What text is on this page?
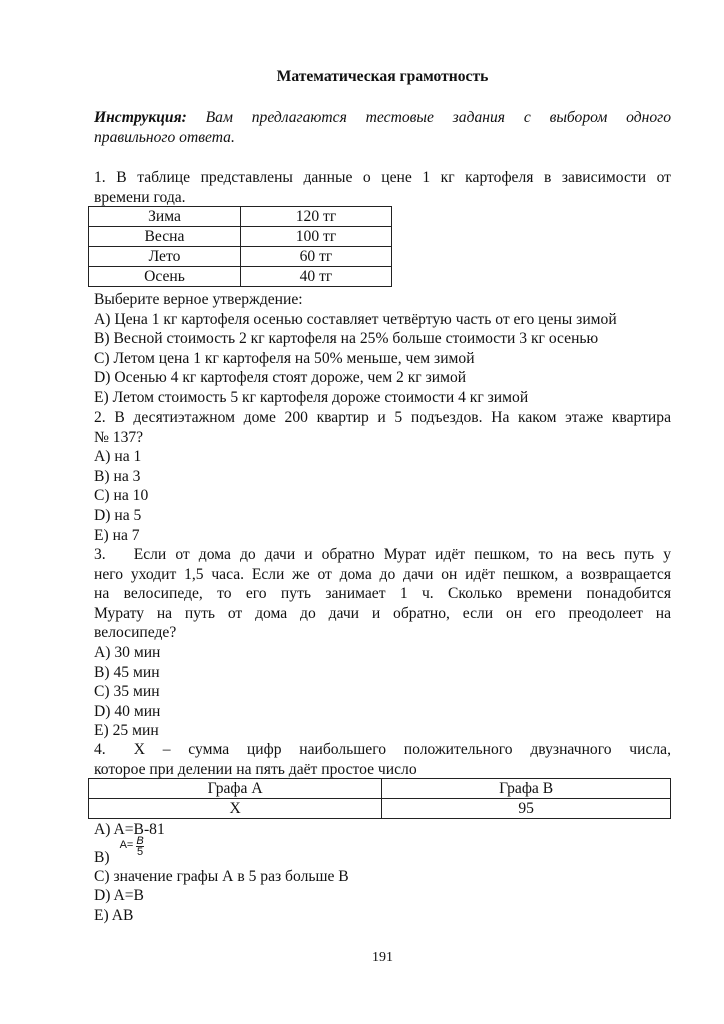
Математическая грамотность
Инструкция: Вам предлагаются тестовые задания с выбором одного
правильного ответа.
1. В таблице представлены данные о цене 1 кг картофеля в зависимости от
времени года.
Зима	120 тг
Весна	100 тг
Лето	60 тг
Осень	40 тг
Выберите верное утверждение:
A) Цена 1 кг картофеля осенью составляет четвёртую часть от его цены зимой
B) Весной стоимость 2 кг картофеля на 25% больше стоимости 3 кг осенью
C) Летом цена 1 кг картофеля на 50% меньше, чем зимой
D) Осенью 4 кг картофеля стоят дороже, чем 2 кг зимой
E) Летом стоимость 5 кг картофеля дороже стоимости 4 кг зимой
2. В десятиэтажном доме 200 квартир и 5 подъездов. На каком этаже квартира
№ 137?
A) на 1
B) на 3
C) на 10
D) на 5
E) на 7
3. Если от дома до дачи и обратно Мурат идёт пешком, то на весь путь у
него уходит 1,5 часа. Если же от дома до дачи он идёт пешком, а возвращается
на велосипеде, то его путь занимает 1 ч. Сколько времени понадобится
Мурату на путь от дома до дачи и обратно, если он его преодолеет на
велосипеде?
A) 30 мин
B) 45 мин
C) 35 мин
D) 40 мин
E) 25 мин
4. X – сумма цифр наибольшего положительного двузначного числа,
которое при делении на пять даёт простое число
Графа A	Графа B
X	95
A) A=B-81
B)
$A= \frac{B}{5}$
C) значение графы А в 5 раз больше В
D) A=B
E) AB
191
